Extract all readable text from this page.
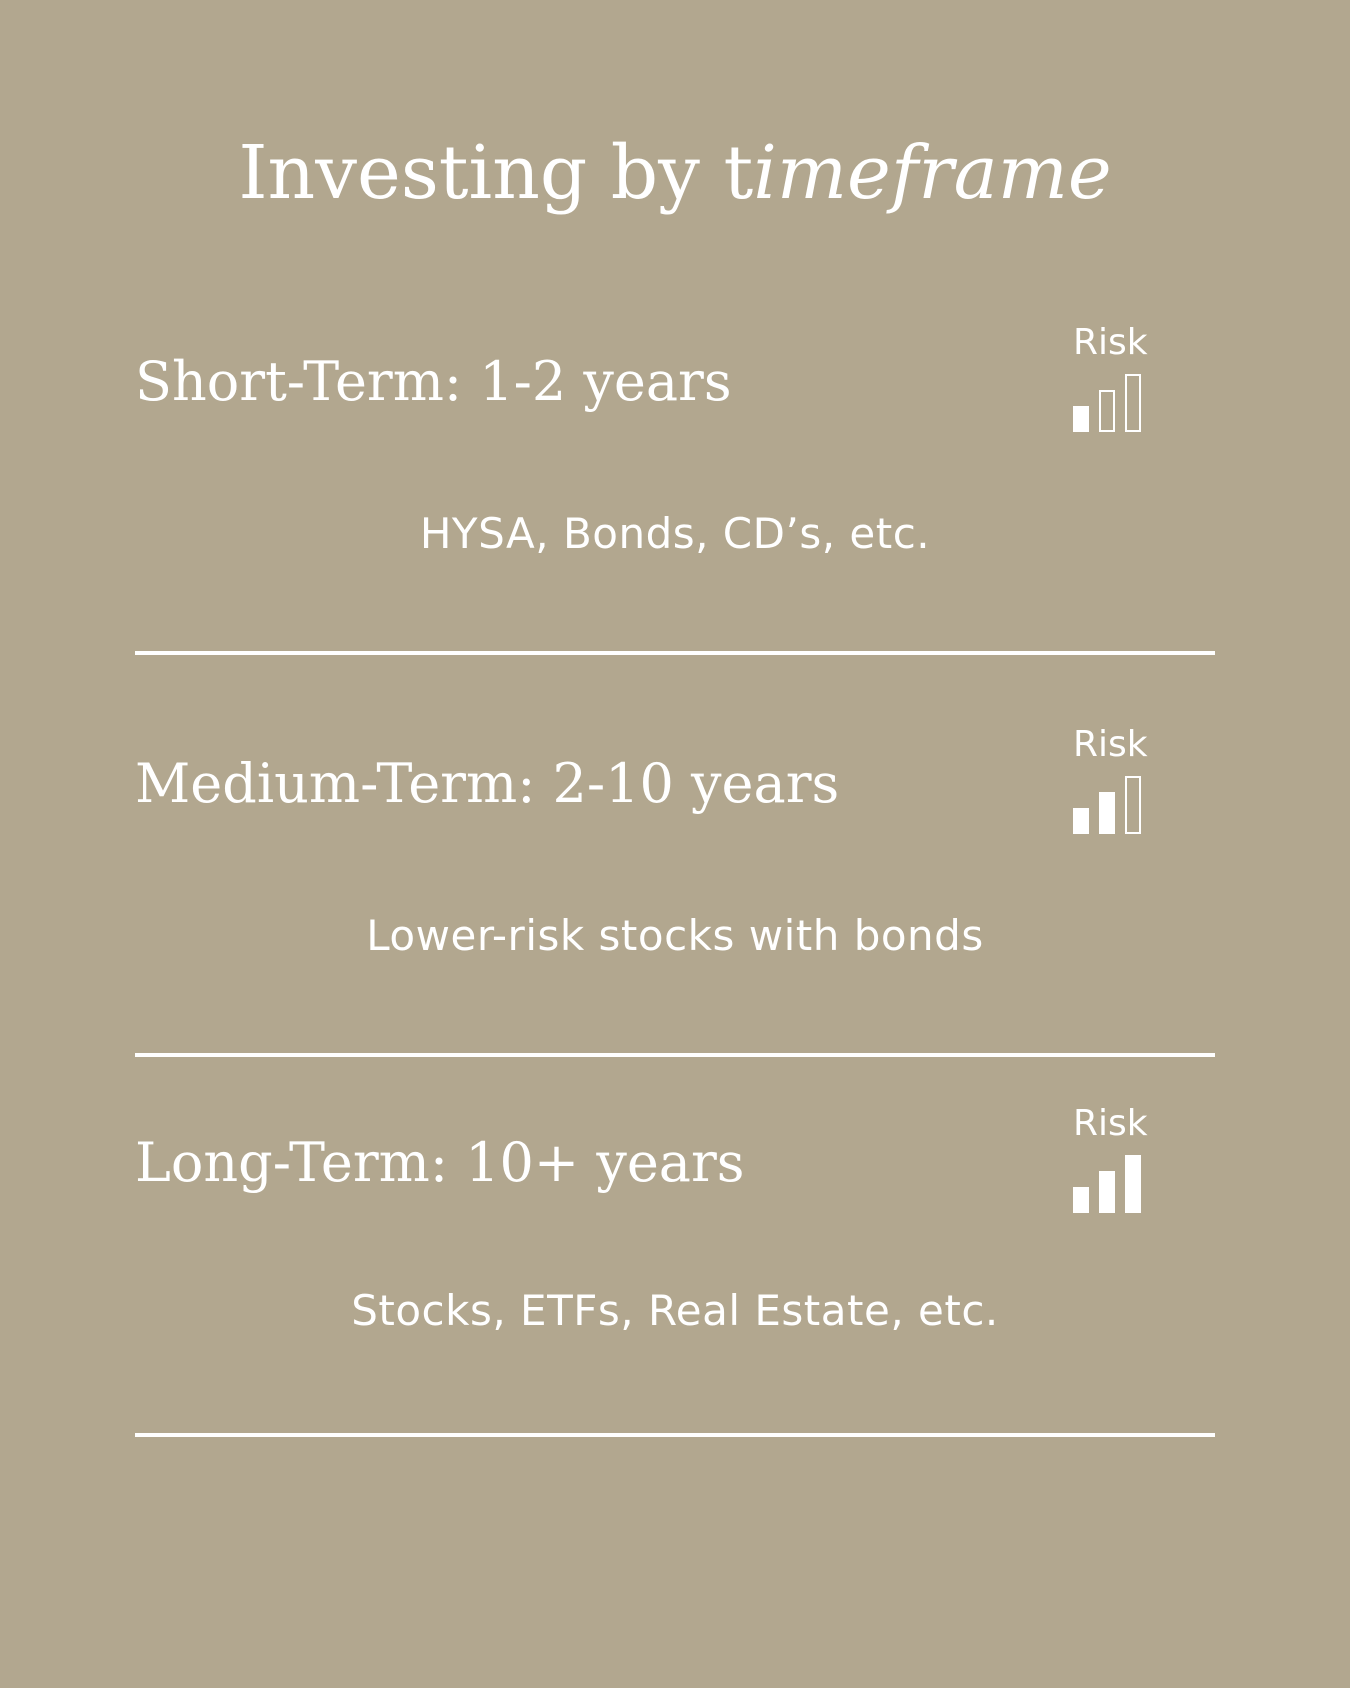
Investing by timeframe
Short-Term: 1-2 years
Risk
HYSA, Bonds, CD’s, etc.
Medium-Term: 2-10 years
Risk
Lower-risk stocks with bonds
Long-Term: 10+ years
Risk
Stocks, ETFs, Real Estate, etc.
